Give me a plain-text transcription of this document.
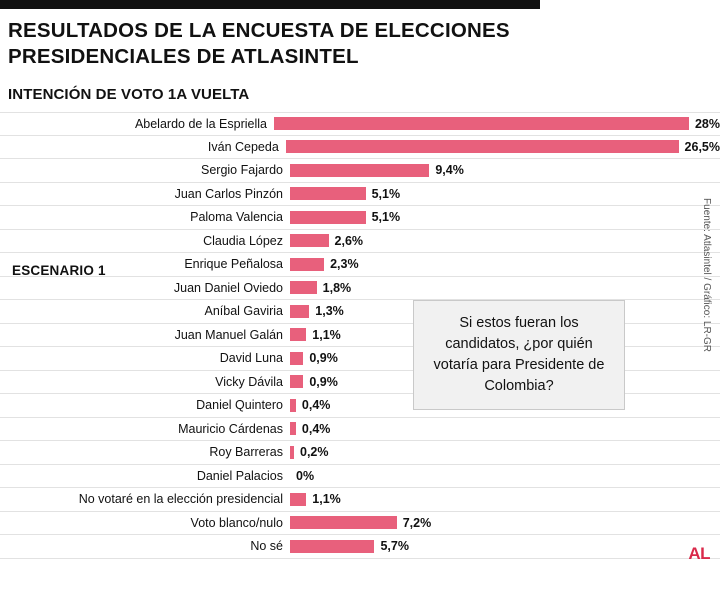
RESULTADOS DE LA ENCUESTA DE ELECCIONES PRESIDENCIALES DE ATLASINTEL
INTENCIÓN DE VOTO 1A VUELTA
ESCENARIO 1
Abelardo de la Espriella	28%
Iván Cepeda	26,5%
Sergio Fajardo	9,4%
Juan Carlos Pinzón	5,1%
Paloma Valencia	5,1%
Claudia López	2,6%
Enrique Peñalosa	2,3%
Juan Daniel Oviedo	1,8%
Aníbal Gaviria	1,3%
Juan Manuel Galán	1,1%
David Luna	0,9%
Vicky Dávila	0,9%
Daniel Quintero	0,4%
Mauricio Cárdenas	0,4%
Roy Barreras	0,2%
Daniel Palacios	0%
No votaré en la elección presidencial	1,1%
Voto blanco/nulo	7,2%
No sé	5,7%
Si estos fueran los candidatos, ¿por quién votaría para Presidente de Colombia?
Fuente: Atlasintel / Gráfico: LR-GR
AL
